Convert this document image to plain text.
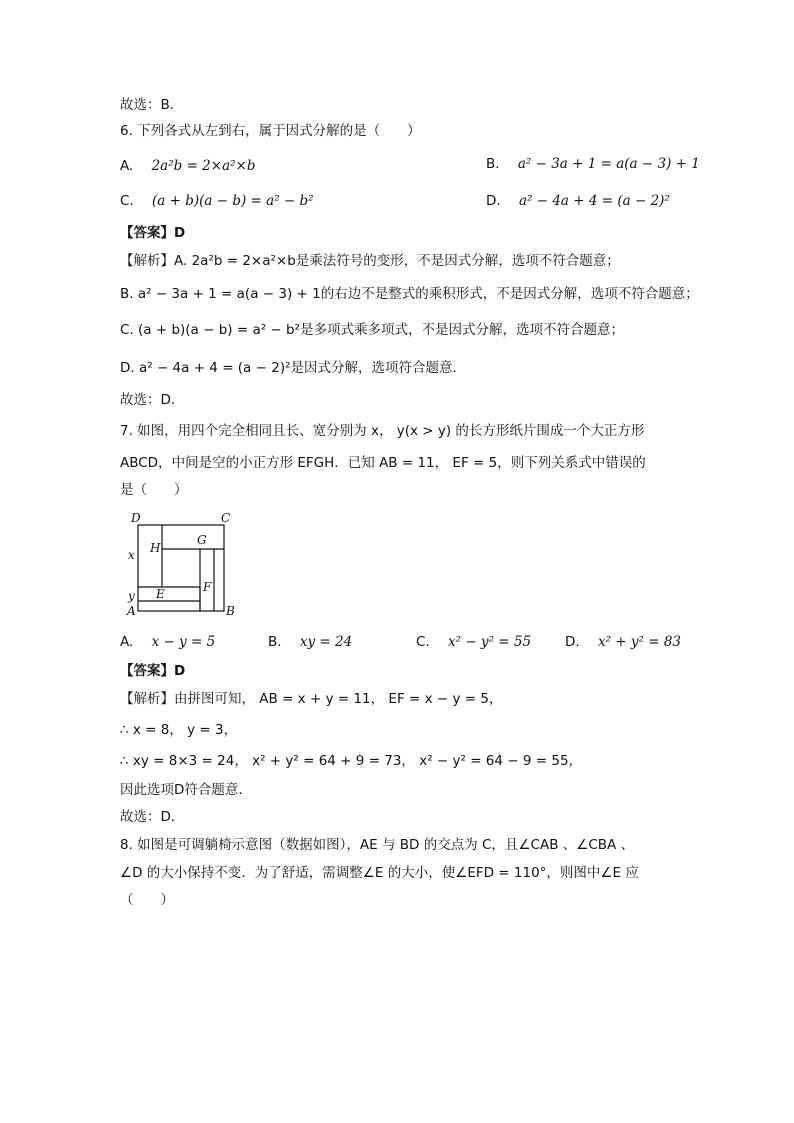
故选：B．
6. 下列各式从左到右，属于因式分解的是（　　）
A. 2a²b = 2×a²×b	B. a² − 3a + 1 = a(a − 3) + 1
C. (a + b)(a − b) = a² − b²	D. a² − 4a + 4 = (a − 2)²
【答案】D
【解析】A. 2a²b = 2×a²×b是乘法符号的变形，不是因式分解，选项不符合题意；
B. a² − 3a + 1 = a(a − 3) + 1的右边不是整式的乘积形式，不是因式分解，选项不符合题意；
C. (a + b)(a − b) = a² − b²是多项式乘多项式，不是因式分解，选项不符合题意；
D. a² − 4a + 4 = (a − 2)²是因式分解，选项符合题意．
故选：D．
7. 如图，用四个完全相同且长、宽分别为 x， y(x > y) 的长方形纸片围成一个大正方形
ABCD，中间是空的小正方形 EFGH．已知 AB = 11， EF = 5，则下列关系式中错误的
是（　　）
D	C
A	B
H
G
E	F
x
y
A. x − y = 5	B. xy = 24	C. x² − y² = 55	D. x² + y² = 83
【答案】D
【解析】由拼图可知， AB = x + y = 11， EF = x − y = 5，
∴ x = 8， y = 3，
∴ xy = 8×3 = 24， x² + y² = 64 + 9 = 73， x² − y² = 64 − 9 = 55，
因此选项D符合题意．
故选：D．
8. 如图是可调躺椅示意图（数据如图），AE 与 BD 的交点为 C，且∠CAB 、∠CBA 、
∠D 的大小保持不变．为了舒适，需调整∠E 的大小，使∠EFD = 110°，则图中∠E 应
（　　）
